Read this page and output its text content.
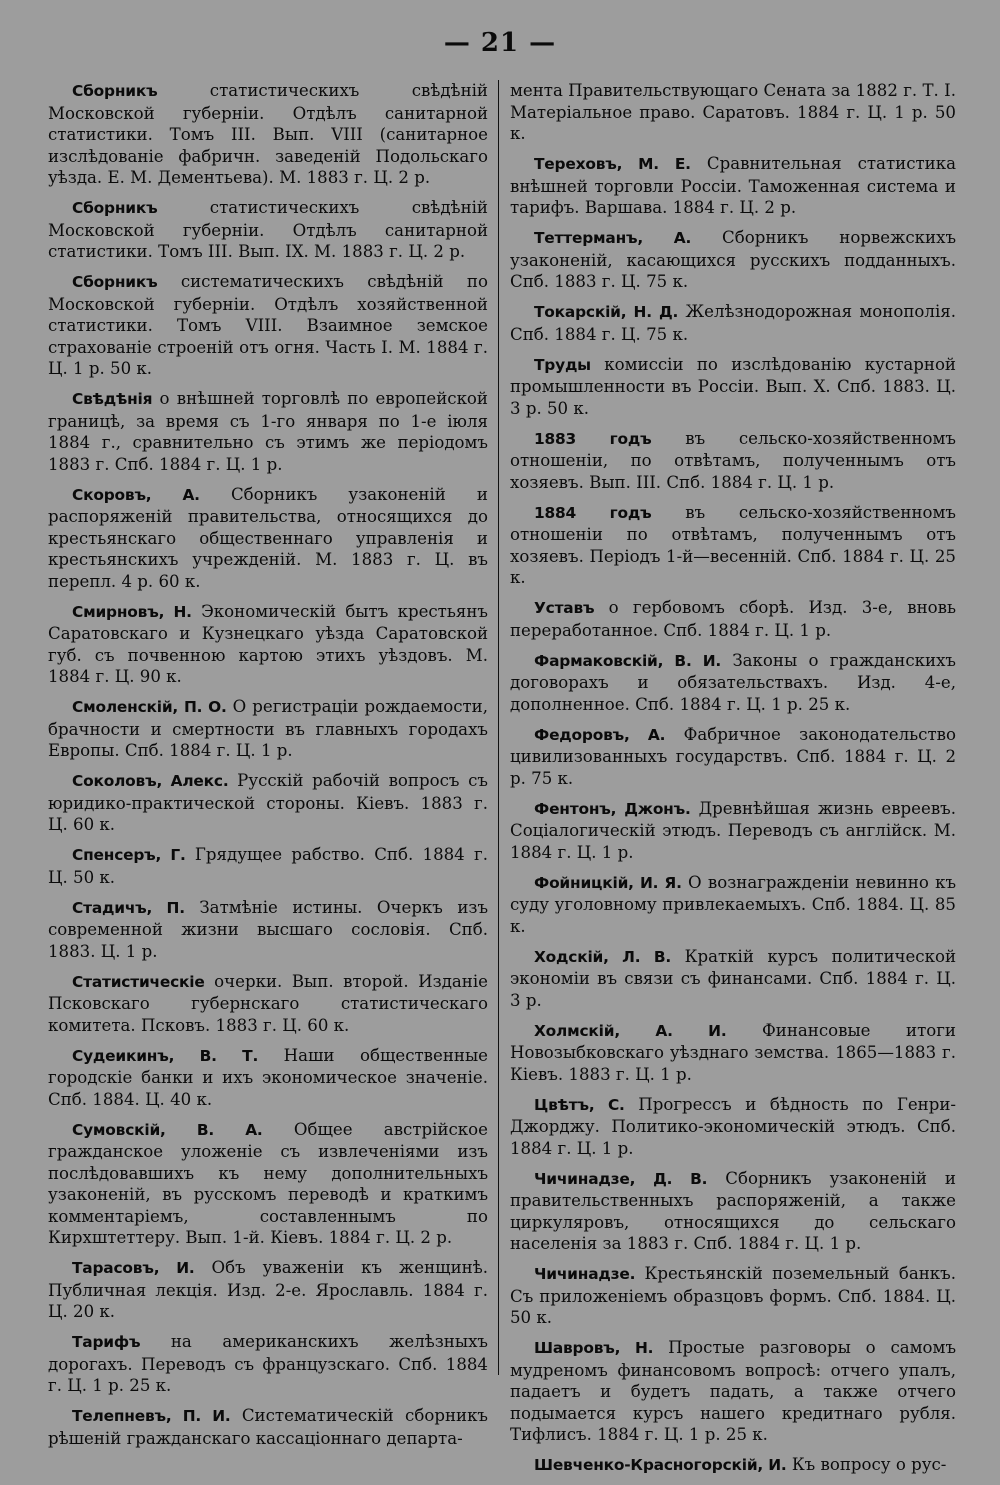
— 21 —

Сборникъ статистическихъ свѣдѣній Московской губерніи. Отдѣлъ санитарной статистики. Томъ III. Вып. VIII (санитарное изслѣдованіе фабричн. заведеній Подольскаго уѣзда. Е. М. Дементьева). М. 1883 г. Ц. 2 р.

Сборникъ статистическихъ свѣдѣній Московской губерніи. Отдѣлъ санитарной статистики. Томъ III. Вып. IX. М. 1883 г. Ц. 2 р.

Сборникъ систематическихъ свѣдѣній по Московской губерніи. Отдѣлъ хозяйственной статистики. Томъ VIII. Взаимное земское страхованіе строеній отъ огня. Часть I. М. 1884 г. Ц. 1 р. 50 к.

Свѣдѣнія о внѣшней торговлѣ по европейской границѣ, за время съ 1-го января по 1-е іюля 1884 г., сравнительно съ этимъ же періодомъ 1883 г. Спб. 1884 г. Ц. 1 р.

Скоровъ, А. Сборникъ узаконеній и распоряженій правительства, относящихся до крестьянскаго общественнаго управленія и крестьянскихъ учрежденій. М. 1883 г. Ц. въ перепл. 4 р. 60 к.

Смирновъ, Н. Экономическій бытъ крестьянъ Саратовскаго и Кузнецкаго уѣзда Саратовской губ. съ почвенною картою этихъ уѣздовъ. М. 1884 г. Ц. 90 к.

Смоленскій, П. О. О регистраціи рождаемости, брачности и смертности въ главныхъ городахъ Европы. Спб. 1884 г. Ц. 1 р.

Соколовъ, Алекс. Русскій рабочій вопросъ съ юридико-практической стороны. Кіевъ. 1883 г. Ц. 60 к.

Спенсеръ, Г. Грядущее рабство. Спб. 1884 г. Ц. 50 к.

Стадичъ, П. Затмѣніе истины. Очеркъ изъ современной жизни высшаго сословія. Спб. 1883. Ц. 1 р.

Статистическіе очерки. Вып. второй. Изданіе Псковскаго губернскаго статистическаго комитета. Псковъ. 1883 г. Ц. 60 к.

Судеикинъ, В. Т. Наши общественные городскіе банки и ихъ экономическое значеніе. Спб. 1884. Ц. 40 к.

Сумовскій, В. А. Общее австрійское гражданское уложеніе съ извлеченіями изъ послѣдовавшихъ къ нему дополнительныхъ узаконеній, въ русскомъ переводѣ и краткимъ комментаріемъ, составленнымъ по Кирхштеттеру. Вып. 1-й. Кіевъ. 1884 г. Ц. 2 р.

Тарасовъ, И. Объ уваженіи къ женщинѣ. Публичная лекція. Изд. 2-е. Ярославль. 1884 г. Ц. 20 к.

Тарифъ на американскихъ желѣзныхъ дорогахъ. Переводъ съ французскаго. Спб. 1884 г. Ц. 1 р. 25 к.

Телепневъ, П. И. Систематическій сборникъ рѣшеній гражданскаго кассаціоннаго департа-

мента Правительствующаго Сената за 1882 г. Т. I. Матеріальное право. Саратовъ. 1884 г. Ц. 1 р. 50 к.

Тереховъ, М. Е. Сравнительная статистика внѣшней торговли Россіи. Таможенная система и тарифъ. Варшава. 1884 г. Ц. 2 р.

Теттерманъ, А. Сборникъ норвежскихъ узаконеній, касающихся русскихъ подданныхъ. Спб. 1883 г. Ц. 75 к.

Токарскій, Н. Д. Желѣзнодорожная монополія. Спб. 1884 г. Ц. 75 к.

Труды комиссіи по изслѣдованію кустарной промышленности въ Россіи. Вып. X. Спб. 1883. Ц. 3 р. 50 к.

1883 годъ въ сельско-хозяйственномъ отношеніи, по отвѣтамъ, полученнымъ отъ хозяевъ. Вып. III. Спб. 1884 г. Ц. 1 р.

1884 годъ въ сельско-хозяйственномъ отношеніи по отвѣтамъ, полученнымъ отъ хозяевъ. Періодъ 1-й—весенній. Спб. 1884 г. Ц. 25 к.

Уставъ о гербовомъ сборѣ. Изд. 3-е, вновь переработанное. Спб. 1884 г. Ц. 1 р.

Фармаковскій, В. И. Законы о гражданскихъ договорахъ и обязательствахъ. Изд. 4-е, дополненное. Спб. 1884 г. Ц. 1 р. 25 к.

Федоровъ, А. Фабричное законодательство цивилизованныхъ государствъ. Спб. 1884 г. Ц. 2 р. 75 к.

Фентонъ, Джонъ. Древнѣйшая жизнь евреевъ. Соціалогическій этюдъ. Переводъ съ англійск. М. 1884 г. Ц. 1 р.

Фойницкій, И. Я. О вознагражденіи невинно къ суду уголовному привлекаемыхъ. Спб. 1884. Ц. 85 к.

Ходскій, Л. В. Краткій курсъ политической экономіи въ связи съ финансами. Спб. 1884 г. Ц. 3 р.

Холмскій, А. И. Финансовые итоги Новозыбковскаго уѣзднаго земства. 1865—1883 г. Кіевъ. 1883 г. Ц. 1 р.

Цвѣтъ, С. Прогрессъ и бѣдность по Генри-Джорджу. Политико-экономическій этюдъ. Спб. 1884 г. Ц. 1 р.

Чичинадзе, Д. В. Сборникъ узаконеній и правительственныхъ распоряженій, а также циркуляровъ, относящихся до сельскаго населенія за 1883 г. Спб. 1884 г. Ц. 1 р.

Чичинадзе. Крестьянскій поземельный банкъ. Съ приложеніемъ образцовъ формъ. Спб. 1884. Ц. 50 к.

Шавровъ, Н. Простые разговоры о самомъ мудреномъ финансовомъ вопросѣ: отчего упалъ, падаетъ и будетъ падать, а также отчего подымается курсъ нашего кредитнаго рубля. Тифлисъ. 1884 г. Ц. 1 р. 25 к.

Шевченко-Красногорскій, И. Къ вопросу о рус-
